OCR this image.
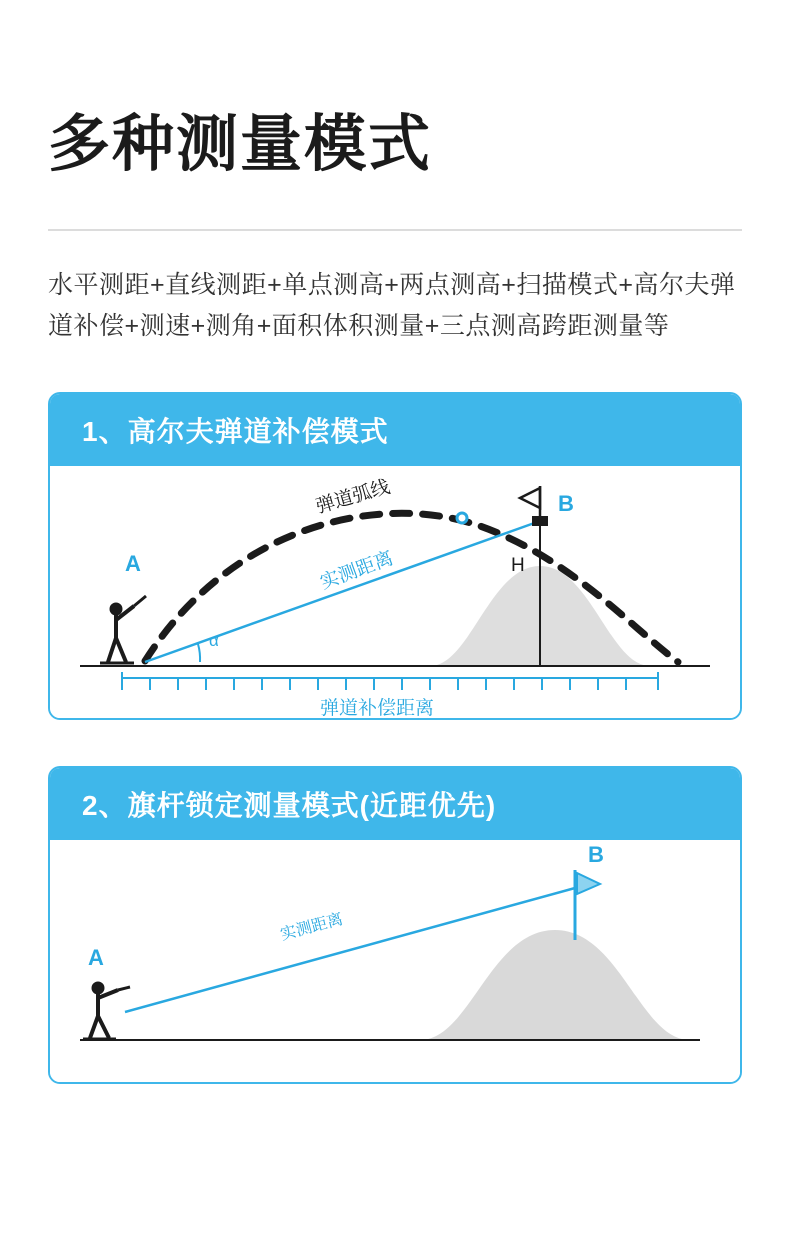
多种测量模式

水平测距+直线测距+单点测高+两点测高+扫描模式+高尔夫弹道补偿+测速+测角+面积体积测量+三点测高跨距测量等

1、高尔夫弹道补偿模式
A
B
H
α
弹道弧线
实测距离
弹道补偿距离
2、旗杆锁定测量模式(近距优先)
A
B
实测距离
